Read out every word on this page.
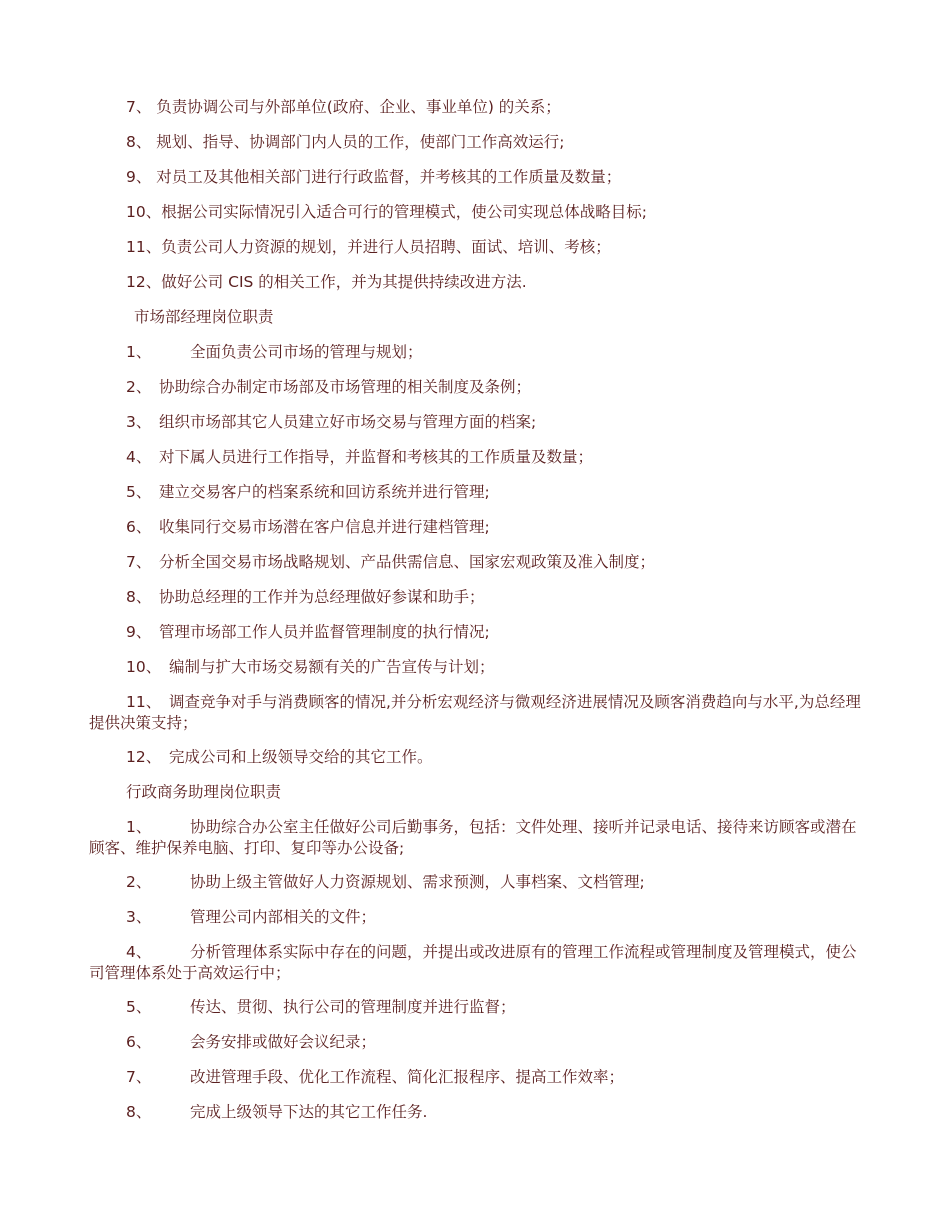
7、 负责协调公司与外部单位(政府、企业、事业单位) 的关系；
8、 规划、指导、协调部门内人员的工作，使部门工作高效运行;
9、 对员工及其他相关部门进行行政监督，并考核其的工作质量及数量；
10、根据公司实际情况引入适合可行的管理模式，使公司实现总体战略目标;
11、负责公司人力资源的规划，并进行人员招聘、面试、培训、考核；
12、做好公司 CIS 的相关工作，并为其提供持续改进方法.
市场部经理岗位职责
1、 全面负责公司市场的管理与规划；
2、 协助综合办制定市场部及市场管理的相关制度及条例；
3、 组织市场部其它人员建立好市场交易与管理方面的档案;
4、 对下属人员进行工作指导，并监督和考核其的工作质量及数量；
5、 建立交易客户的档案系统和回访系统并进行管理;
6、 收集同行交易市场潜在客户信息并进行建档管理;
7、 分析全国交易市场战略规划、产品供需信息、国家宏观政策及准入制度；
8、 协助总经理的工作并为总经理做好参谋和助手；
9、 管理市场部工作人员并监督管理制度的执行情况;
10、 编制与扩大市场交易额有关的广告宣传与计划；
11、 调查竞争对手与消费顾客的情况,并分析宏观经济与微观经济进展情况及顾客消费趋向与水平,为总经理提供决策支持；
12、 完成公司和上级领导交给的其它工作。
行政商务助理岗位职责
1、 协助综合办公室主任做好公司后勤事务，包括：文件处理、接听并记录电话、接待来访顾客或潜在顾客、维护保养电脑、打印、复印等办公设备;
2、 协助上级主管做好人力资源规划、需求预测，人事档案、文档管理;
3、 管理公司内部相关的文件；
4、 分析管理体系实际中存在的问题，并提出或改进原有的管理工作流程或管理制度及管理模式，使公司管理体系处于高效运行中；
5、 传达、贯彻、执行公司的管理制度并进行监督；
6、 会务安排或做好会议纪录；
7、 改进管理手段、优化工作流程、简化汇报程序、提高工作效率；
8、 完成上级领导下达的其它工作任务.
